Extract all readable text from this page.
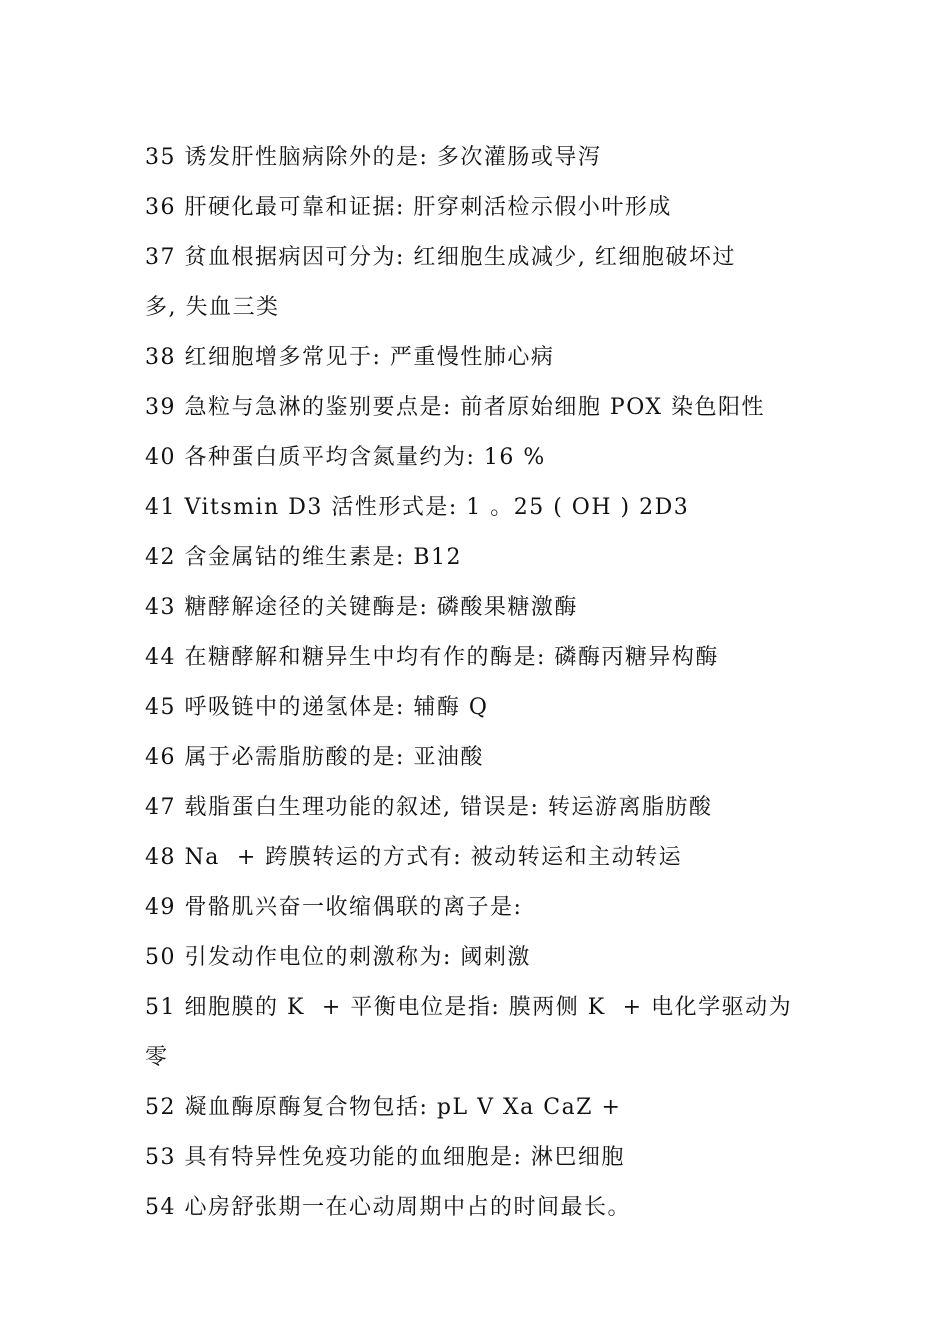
35 诱发肝性脑病除外的是: 多次灌肠或导泻
36 肝硬化最可靠和证据: 肝穿刺活检示假小叶形成
37 贫血根据病因可分为: 红细胞生成减少, 红细胞破坏过
多, 失血三类
38 红细胞增多常见于: 严重慢性肺心病
39 急粒与急淋的鉴别要点是: 前者原始细胞 POX 染色阳性
40 各种蛋白质平均含氮量约为: 16 %
41 Vitsmin D3 活性形式是: 1 。25 ( OH ) 2D3
42 含金属钴的维生素是: B12
43 糖酵解途径的关键酶是: 磷酸果糖激酶
44 在糖酵解和糖异生中均有作的酶是: 磷酶丙糖异构酶
45 呼吸链中的递氢体是: 辅酶 Q
46 属于必需脂肪酸的是: 亚油酸
47 载脂蛋白生理功能的叙述, 错误是: 转运游离脂肪酸
48 Na  + 跨膜转运的方式有: 被动转运和主动转运
49 骨骼肌兴奋一收缩偶联的离子是:
50 引发动作电位的刺激称为: 阈刺激
51 细胞膜的 K  + 平衡电位是指: 膜两侧 K  + 电化学驱动为
零
52 凝血酶原酶复合物包括: pL V Xa CaZ +
53 具有特异性免疫功能的血细胞是: 淋巴细胞
54 心房舒张期一在心动周期中占的时间最长。
